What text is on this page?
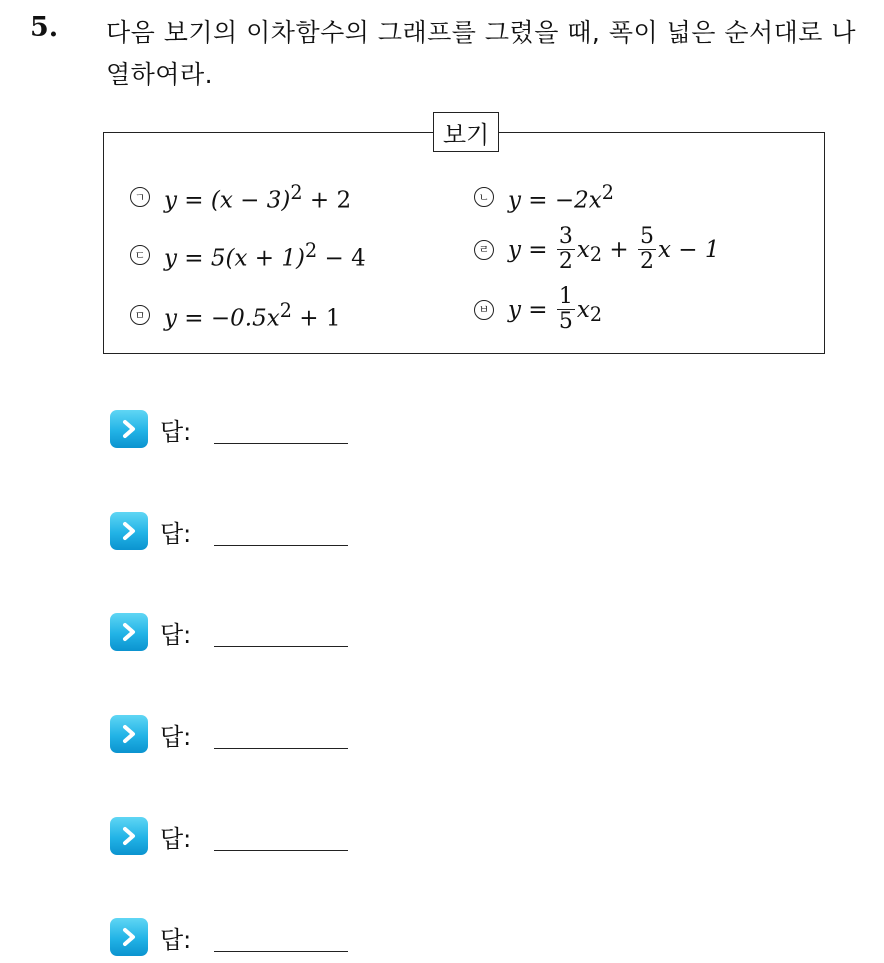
5. 다음 보기의 이차함수의 그래프를 그렸을 때, 폭이 넓은 순서대로 나열하여라.
보기
ㄱ $y = (x - 3)^2 + 2$	ㄴ $y = -2x^2$
ㄷ $y = 5(x + 1)^2 - 4$	ㄹ $y = \frac{3}{2} x_2 + \frac{5}{2}$ x − 1
ㅁ $y = -0.5x^2 + 1$	ㅂ $y = \frac{1}{5} x_2$
답:
답:
답:
답:
답:
답:
